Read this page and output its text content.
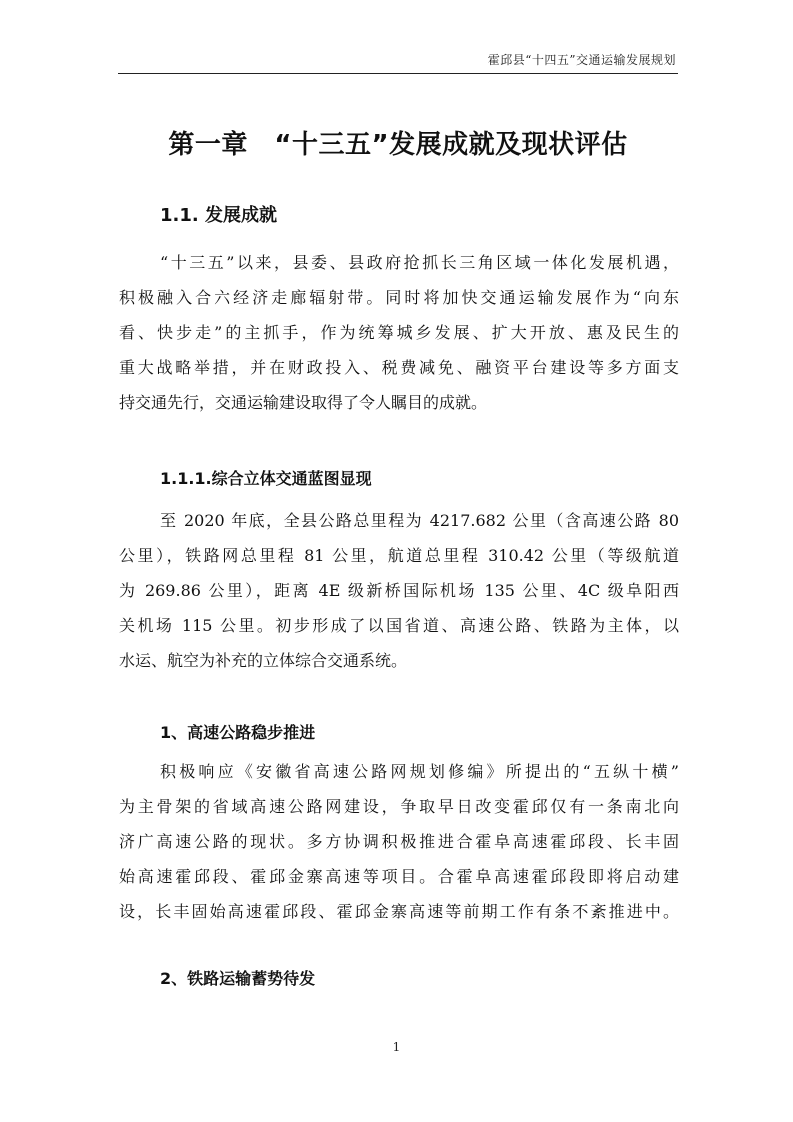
霍邱县“十四五”交通运输发展规划
第一章　“十三五”发展成就及现状评估
1.1. 发展成就
“十三五”以来，县委、县政府抢抓长三角区域一体化发展机遇，
积极融入合六经济走廊辐射带。同时将加快交通运输发展作为“向东
看、快步走”的主抓手，作为统筹城乡发展、扩大开放、惠及民生的
重大战略举措，并在财政投入、税费减免、融资平台建设等多方面支
持交通先行，交通运输建设取得了令人瞩目的成就。
1.1.1.综合立体交通蓝图显现
至 2020 年底，全县公路总里程为 4217.682 公里（含高速公路 80
公里），铁路网总里程 81 公里，航道总里程 310.42 公里（等级航道
为 269.86 公里），距离 4E 级新桥国际机场 135 公里、4C 级阜阳西
关机场 115 公里。初步形成了以国省道、高速公路、铁路为主体，以
水运、航空为补充的立体综合交通系统。
1、高速公路稳步推进
积极响应《安徽省高速公路网规划修编》所提出的“五纵十横”
为主骨架的省域高速公路网建设，争取早日改变霍邱仅有一条南北向
济广高速公路的现状。多方协调积极推进合霍阜高速霍邱段、长丰固
始高速霍邱段、霍邱金寨高速等项目。合霍阜高速霍邱段即将启动建
设，长丰固始高速霍邱段、霍邱金寨高速等前期工作有条不紊推进中。
2、铁路运输蓄势待发
1
